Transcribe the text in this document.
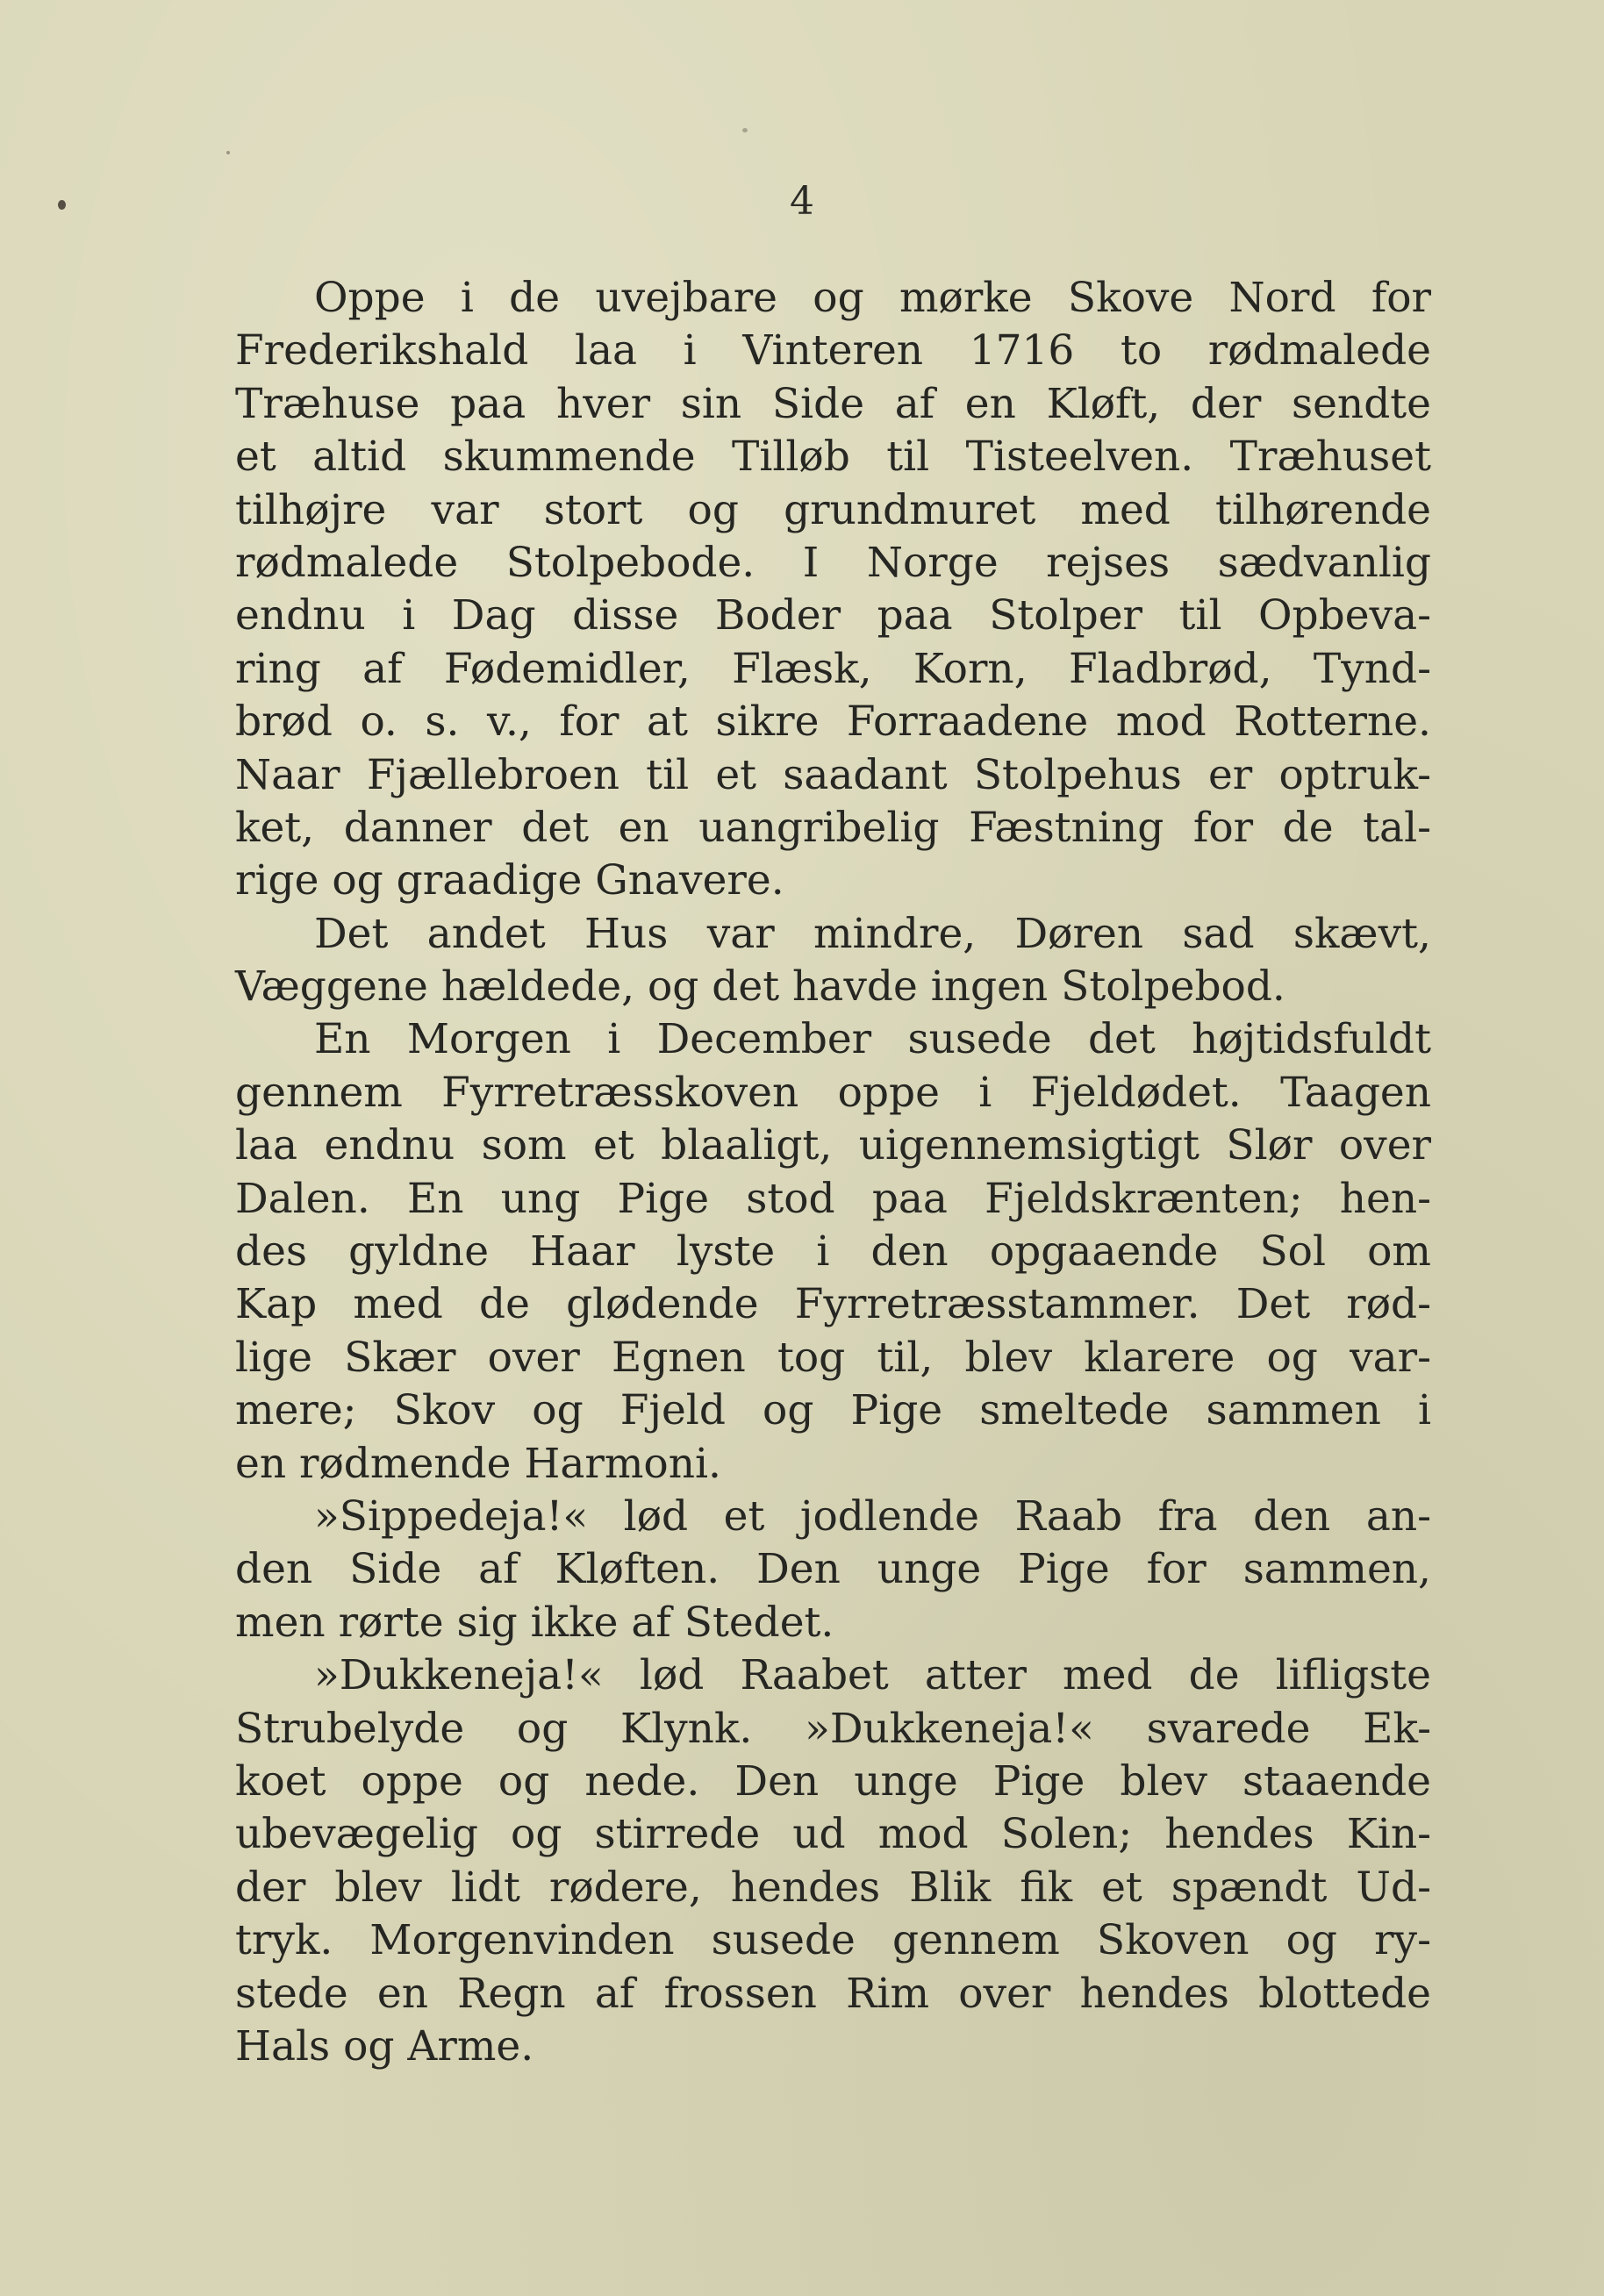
4
Oppe i de uvejbare og mørke Skove Nord for
Frederikshald laa i Vinteren 1716 to rødmalede
Træhuse paa hver sin Side af en Kløft, der sendte
et altid skummende Tilløb til Tisteelven. Træhuset
tilhøjre var stort og grundmuret med tilhørende
rødmalede Stolpebode. I Norge rejses sædvanlig
endnu i Dag disse Boder paa Stolper til Opbeva-
ring af Fødemidler, Flæsk, Korn, Fladbrød, Tynd-
brød o. s. v., for at sikre Forraadene mod Rotterne.
Naar Fjællebroen til et saadant Stolpehus er optruk-
ket, danner det en uangribelig Fæstning for de tal-
rige og graadige Gnavere.
Det andet Hus var mindre, Døren sad skævt,
Væggene hældede, og det havde ingen Stolpebod.
En Morgen i December susede det højtidsfuldt
gennem Fyrretræsskoven oppe i Fjeldødet. Taagen
laa endnu som et blaaligt, uigennemsigtigt Slør over
Dalen. En ung Pige stod paa Fjeldskrænten; hen-
des gyldne Haar lyste i den opgaaende Sol om
Kap med de glødende Fyrretræsstammer. Det rød-
lige Skær over Egnen tog til, blev klarere og var-
mere; Skov og Fjeld og Pige smeltede sammen i
en rødmende Harmoni.
»Sippedeja!« lød et jodlende Raab fra den an-
den Side af Kløften. Den unge Pige for sammen,
men rørte sig ikke af Stedet.
»Dukkeneja!« lød Raabet atter med de lifligste
Strubelyde og Klynk. »Dukkeneja!« svarede Ek-
koet oppe og nede. Den unge Pige blev staaende
ubevægelig og stirrede ud mod Solen; hendes Kin-
der blev lidt rødere, hendes Blik fik et spændt Ud-
tryk. Morgenvinden susede gennem Skoven og ry-
stede en Regn af frossen Rim over hendes blottede
Hals og Arme.
